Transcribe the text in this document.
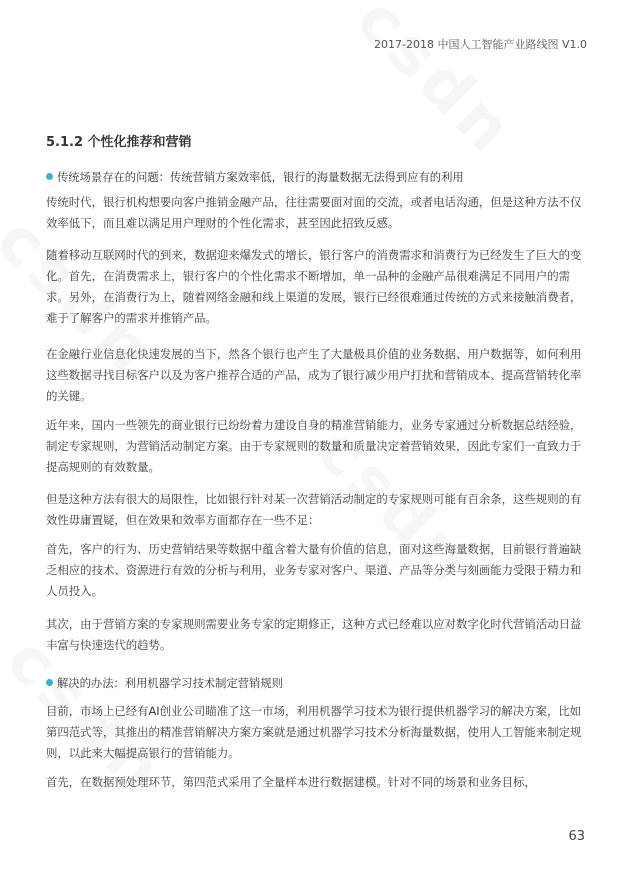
2017-2018 中国人工智能产业路线图 V1.0
5.1.2 个性化推荐和营销
传统场景存在的问题：传统营销方案效率低，银行的海量数据无法得到应有的利用

传统时代，银行机构想要向客户推销金融产品，往往需要面对面的交流，或者电话沟通，但是这种方法不仅效率低下，而且难以满足用户理财的个性化需求，甚至因此招致反感。

随着移动互联网时代的到来，数据迎来爆发式的增长，银行客户的消费需求和消费行为已经发生了巨大的变化。首先，在消费需求上，银行客户的个性化需求不断增加，单一品种的金融产品很难满足不同用户的需求。另外，在消费行为上，随着网络金融和线上渠道的发展，银行已经很难通过传统的方式来接触消费者，难于了解客户的需求并推销产品。

在金融行业信息化快速发展的当下，然各个银行也产生了大量极具价值的业务数据、用户数据等，如何利用这些数据寻找目标客户以及为客户推荐合适的产品，成为了银行减少用户打扰和营销成本、提高营销转化率的关键。

近年来，国内一些领先的商业银行已纷纷着力建设自身的精准营销能力，业务专家通过分析数据总结经验，制定专家规则，为营销活动制定方案。由于专家规则的数量和质量决定着营销效果，因此专家们一直致力于提高规则的有效数量。

但是这种方法有很大的局限性，比如银行针对某一次营销活动制定的专家规则可能有百余条，这些规则的有效性毋庸置疑，但在效果和效率方面都存在一些不足：

首先，客户的行为、历史营销结果等数据中蕴含着大量有价值的信息，面对这些海量数据，目前银行普遍缺乏相应的技术、资源进行有效的分析与利用，业务专家对客户、渠道、产品等分类与刻画能力受限于精力和人员投入。

其次，由于营销方案的专家规则需要业务专家的定期修正，这种方式已经难以应对数字化时代营销活动日益丰富与快速迭代的趋势。

解决的办法：利用机器学习技术制定营销规则

目前，市场上已经有AI创业公司瞄准了这一市场，利用机器学习技术为银行提供机器学习的解决方案，比如第四范式等，其推出的精准营销解决方案方案就是通过机器学习技术分析海量数据，使用人工智能来制定规则，以此来大幅提高银行的营销能力。

首先，在数据预处理环节，第四范式采用了全量样本进行数据建模。针对不同的场景和业务目标，

63
